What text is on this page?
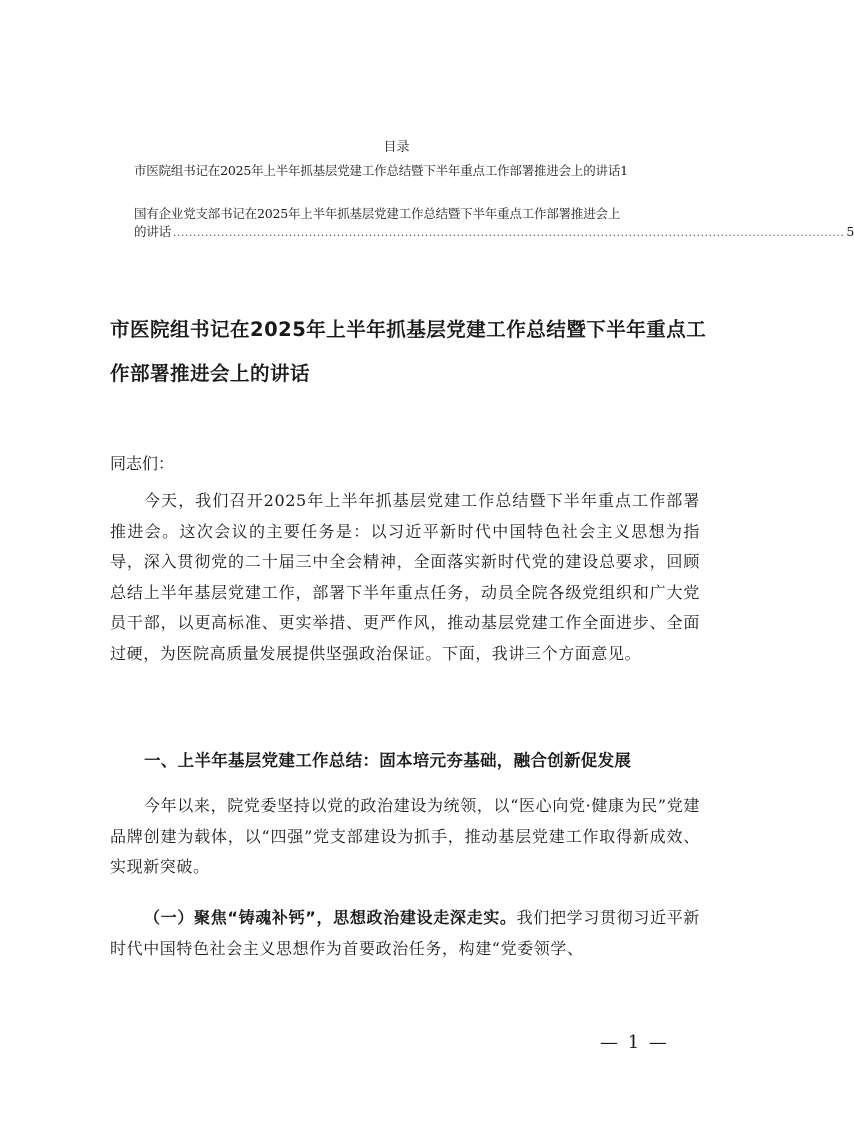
目录
市医院组书记在2025年上半年抓基层党建工作总结暨下半年重点工作部署推进会上的讲话 1
国有企业党支部书记在2025年上半年抓基层党建工作总结暨下半年重点工作部署推进会上
的讲话 ........................................................................................................................................................................ 5
市医院组书记在2025年上半年抓基层党建工作总结暨下半年重点工作部署推进会上的讲话
同志们：
今天，我们召开2025年上半年抓基层党建工作总结暨下半年重点工作部署推进会。这次会议的主要任务是：以习近平新时代中国特色社会主义思想为指导，深入贯彻党的二十届三中全会精神，全面落实新时代党的建设总要求，回顾总结上半年基层党建工作，部署下半年重点任务，动员全院各级党组织和广大党员干部，以更高标准、更实举措、更严作风，推动基层党建工作全面进步、全面过硬，为医院高质量发展提供坚强政治保证。下面，我讲三个方面意见。
一、上半年基层党建工作总结：固本培元夯基础，融合创新促发展
今年以来，院党委坚持以党的政治建设为统领，以“医心向党·健康为民”党建品牌创建为载体，以“四强”党支部建设为抓手，推动基层党建工作取得新成效、实现新突破。
（一）聚焦“铸魂补钙”，思想政治建设走深走实。我们把学习贯彻习近平新时代中国特色社会主义思想作为首要政治任务，构建“党委领学、
— 1 —
